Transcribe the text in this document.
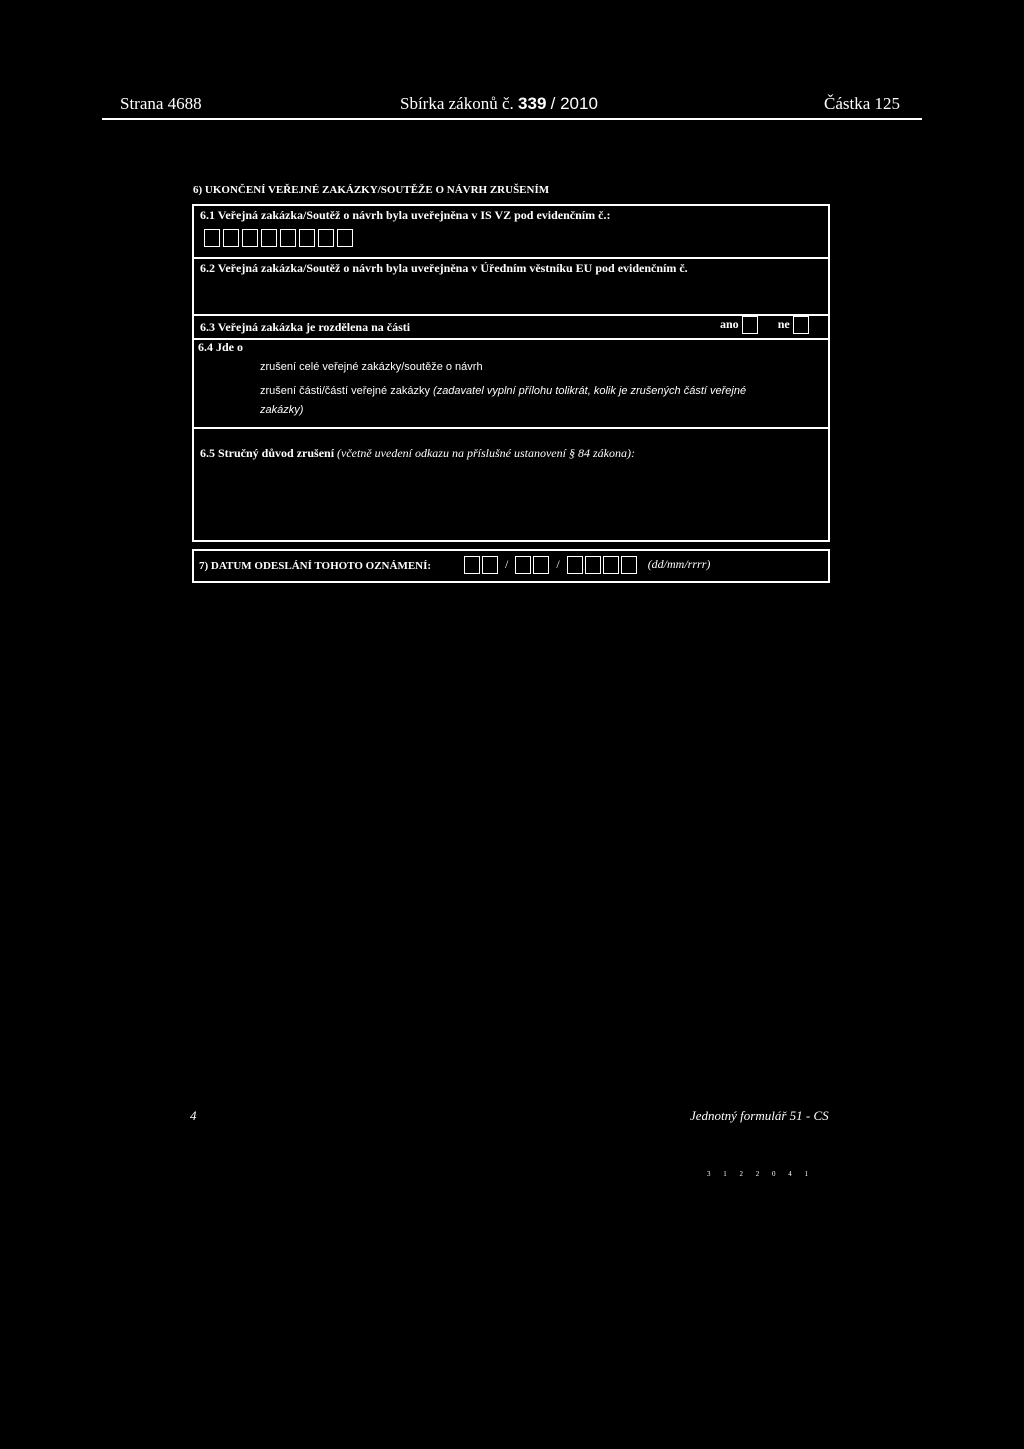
Strana 4688	Sbírka zákonů č. 339 / 2010	Částka 125
6) UKONČENÍ VEŘEJNÉ ZAKÁZKY/SOUTĚŽE O NÁVRH ZRUŠENÍM
6.1 Veřejná zakázka/Soutěž o návrh byla uveřejněna v IS VZ pod evidenčním č.:
6.2 Veřejná zakázka/Soutěž o návrh byla uveřejněna v Úředním věstníku EU pod evidenčním č.
6.3 Veřejná zakázka je rozdělena na části	ano	ne
6.4 Jde o
zrušení celé veřejné zakázky/soutěže o návrh
zrušení části/částí veřejné zakázky (zadavatel vyplní přílohu tolikrát, kolik je zrušených částí veřejné
zakázky)
6.5 Stručný důvod zrušení (včetně uvedení odkazu na příslušné ustanovení § 84 zákona):
7) DATUM ODESLÁNÍ TOHOTO OZNÁMENÍ:	/	/	(dd/mm/rrrr)
4	Jednotný formulář 51 - CS
3 1 2 2 0 4 1
